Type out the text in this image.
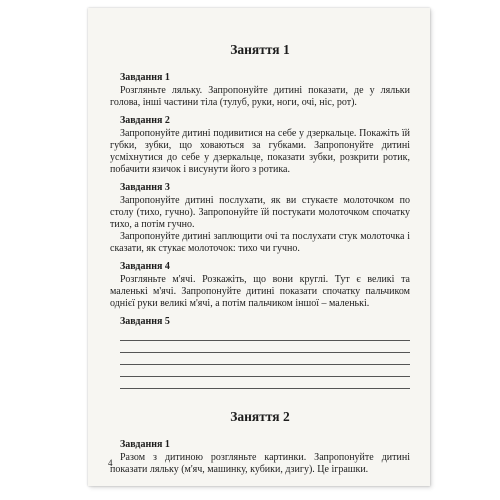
Заняття 1
Завдання 1

Розгляньте ляльку. Запропонуйте дитині показати, де у ляльки голова, інші частини тіла (тулуб, руки, ноги, очі, ніс, рот).

Завдання 2

Запропонуйте дитині подивитися на себе у дзеркальце. Покажіть їй губки, зубки, що ховаються за губками. Запропонуйте дитині усміхнутися до себе у дзеркальце, показати зубки, розкрити ротик, побачити язичок і висунути його з ротика.

Завдання 3

Запропонуйте дитині послухати, як ви стукаєте молоточком по столу (тихо, гучно). Запропонуйте їй постукати молоточком спочатку тихо, а потім гучно.

Запропонуйте дитині заплющити очі та послухати стук молоточка і сказати, як стукає молоточок: тихо чи гучно.

Завдання 4

Розгляньте м'ячі. Розкажіть, що вони круглі. Тут є великі та маленькі м'ячі. Запропонуйте дитині показати спочатку пальчиком однієї руки великі м'ячі, а потім пальчиком іншої – маленькі.

Завдання 5
Заняття 2
Завдання 1

Разом з дитиною розгляньте картинки. Запропонуйте дитині показати ляльку (м'яч, машинку, кубики, дзигу). Це іграшки.

4
